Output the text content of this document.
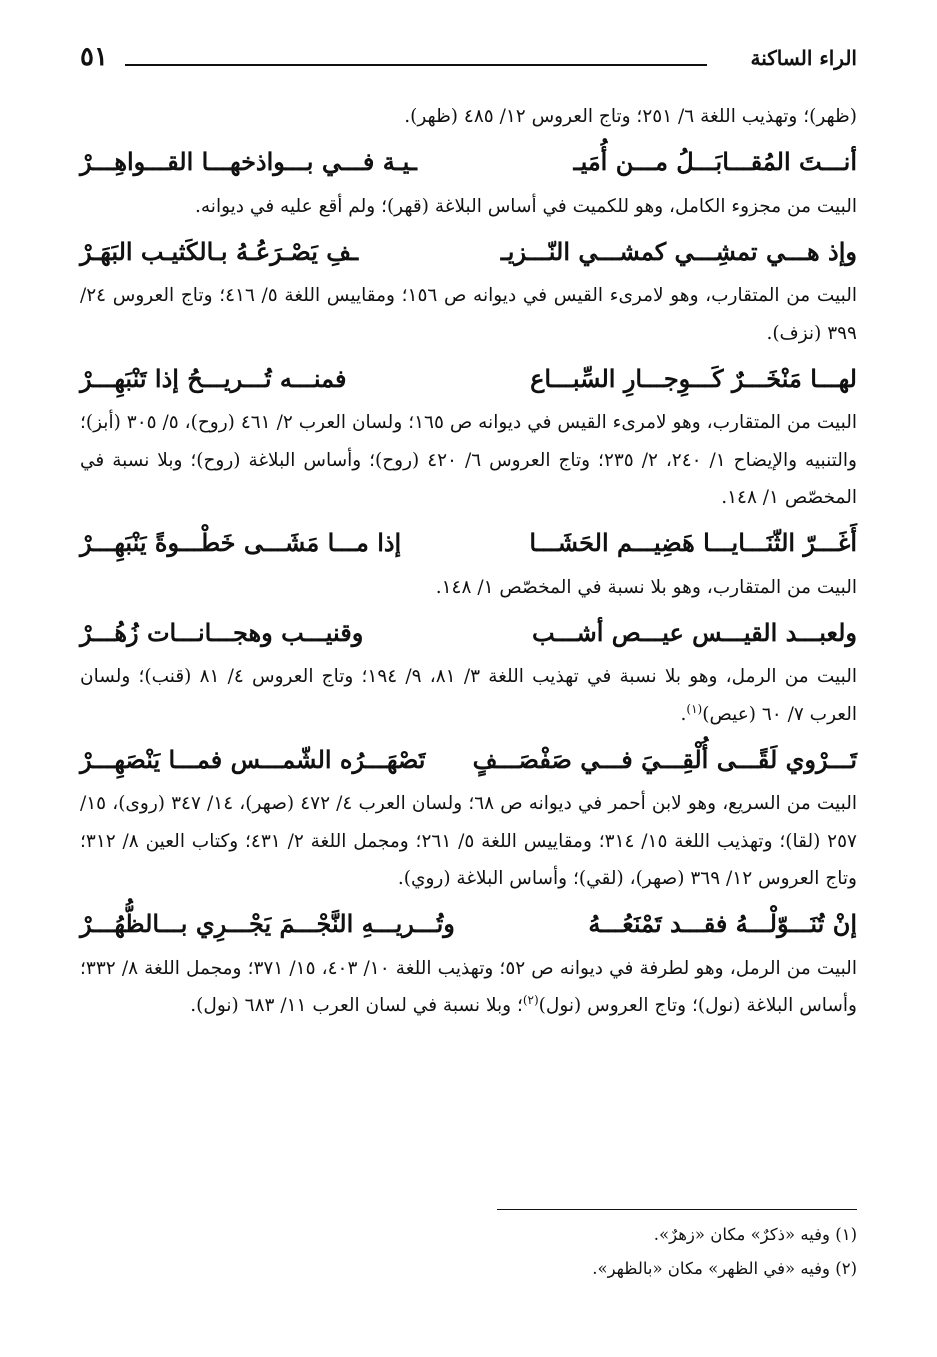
الراء الساكنة
٥١

(ظهر)؛ وتهذيب اللغة ٦/ ٢٥١؛ وتاج العروس ١٢/ ٤٨٥ (ظهر).

أنـــتَ المُقـــابَـــلُ مـــن أُمَيـ
ـيـة فـــي بـــواذخهـــا القـــواهِـــرْ

البيت من مجزوء الكامل، وهو للكميت في أساس البلاغة (قهر)؛ ولم أقع عليه في ديوانه.

وإذ هـــي تمشِـــي كمشـــي النّـــزيـ
ـفِ يَصْـرَعُـهُ بـالكَثيـب البَهَـرْ

البيت من المتقارب، وهو لامرىء القيس في ديوانه ص ١٥٦؛ ومقاييس اللغة ٥/ ٤١٦؛ وتاج العروس ٢٤/ ٣٩٩ (نزف).

لهـــا مَنْخَـــرٌ كَـــوِجـــارِ السِّبـــاع
فمنـــه تُـــريـــحُ إذا تَنْبَهِـــرْ

البيت من المتقارب، وهو لامرىء القيس في ديوانه ص ١٦٥؛ ولسان العرب ٢/ ٤٦١ (روح)، ٥/ ٣٠٥ (أبز)؛ والتنبيه والإيضاح ١/ ٢٤٠، ٢/ ٢٣٥؛ وتاج العروس ٦/ ٤٢٠ (روح)؛ وأساس البلاغة (روح)؛ وبلا نسبة في المخصّص ١/ ١٤٨.

أَغَـــرّ الثّنَـــايـــا هَضِيـــم الحَشَـــا
إذا مـــا مَشَـــى خَطْـــوةً يَنْبَهِـــرْ

البيت من المتقارب، وهو بلا نسبة في المخصّص ١/ ١٤٨.

ولعبـــد القيـــس عيـــص أشـــب
وقنيـــب وهجـــانـــات زُهُـــرْ

البيت من الرمل، وهو بلا نسبة في تهذيب اللغة ٣/ ٨١، ٩/ ١٩٤؛ وتاج العروس ٤/ ٨١ (قنب)؛ ولسان العرب ٧/ ٦٠ (عيص)$^{(١)}$.

تَـــرْوي لَقًـــى أُلْقِـــيَ فـــي صَفْصَـــفٍ
تَصْهَـــرُه الشّمـــس فمـــا يَنْصَهِـــرْ

البيت من السريع، وهو لابن أحمر في ديوانه ص ٦٨؛ ولسان العرب ٤/ ٤٧٢ (صهر)، ١٤/ ٣٤٧ (روى)، ١٥/ ٢٥٧ (لقا)؛ وتهذيب اللغة ١٥/ ٣١٤؛ ومقاييس اللغة ٥/ ٢٦١؛ ومجمل اللغة ٢/ ٤٣١؛ وكتاب العين ٨/ ٣١٢؛ وتاج العروس ١٢/ ٣٦٩ (صهر)، (لقي)؛ وأساس البلاغة (روي).

إنْ تُنَـــوّلْـــهُ فقـــد تَمْنَعُـــهُ
وتُـــريـــهِ النَّجْـــمَ يَجْـــرِي بـــالظُّهُـــرْ

البيت من الرمل، وهو لطرفة في ديوانه ص ٥٢؛ وتهذيب اللغة ١٠/ ٤٠٣، ١٥/ ٣٧١؛ ومجمل اللغة ٨/ ٣٣٢؛ وأساس البلاغة (نول)؛ وتاج العروس (نول)$^{(٢)}$؛ وبلا نسبة في لسان العرب ١١/ ٦٨٣ (نول).

(١) وفيه «ذكرٌ» مكان «زهرٌ».
(٢) وفيه «في الظهر» مكان «بالظهر».
